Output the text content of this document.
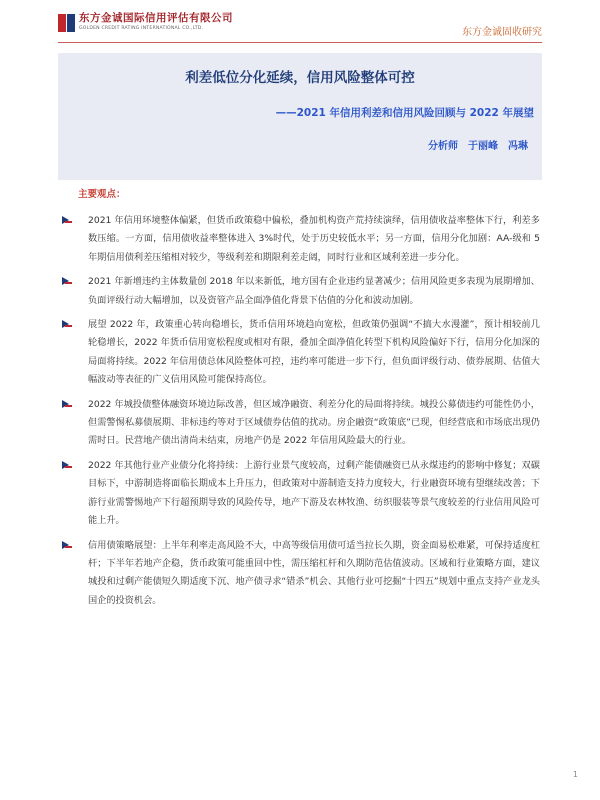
东方金诚国际信用评估有限公司
GOLDEN CREDIT RATING INTERNATIONAL CO.,LTD.	东方金诚固收研究
利差低位分化延续，信用风险整体可控
——2021 年信用利差和信用风险回顾与 2022 年展望
分析师　于丽峰　冯琳
主要观点：
2021 年信用环境整体偏紧，但货币政策稳中偏松，叠加机构资产荒持续演绎，信用债收益率整体下行，利差多数压缩。一方面，信用债收益率整体进入 3%时代，处于历史较低水平；另一方面，信用分化加剧：AA-级和 5 年期信用债利差压缩相对较少，等级利差和期限利差走阔，同时行业和区域利差进一步分化。
2021 年新增违约主体数量创 2018 年以来新低，地方国有企业违约显著减少；信用风险更多表现为展期增加、负面评级行动大幅增加，以及资管产品全面净值化背景下估值的分化和波动加剧。
展望 2022 年，政策重心转向稳增长，货币信用环境趋向宽松，但政策仍强调“不搞大水漫灌”，预计相较前几轮稳增长，2022 年货币信用宽松程度或相对有限，叠加全面净值化转型下机构风险偏好下行，信用分化加深的局面将持续。2022 年信用债总体风险整体可控，违约率可能进一步下行，但负面评级行动、债券展期、估值大幅波动等表征的广义信用风险可能保持高位。
2022 年城投债整体融资环境边际改善，但区域净融资、利差分化的局面将持续。城投公募债违约可能性仍小，但需警惕私募债展期、非标违约等对于区域债券估值的扰动。房企融资“政策底”已现，但经营底和市场底出现仍需时日。民营地产债出清尚未结束，房地产仍是 2022 年信用风险最大的行业。
2022 年其他行业产业债分化将持续：上游行业景气度较高，过剩产能债融资已从永煤违约的影响中修复；双碳目标下，中游制造将面临长期成本上升压力，但政策对中游制造支持力度较大，行业融资环境有望继续改善；下游行业需警惕地产下行超预期导致的风险传导，地产下游及农林牧渔、纺织服装等景气度较差的行业信用风险可能上升。
信用债策略展望：上半年利率走高风险不大，中高等级信用债可适当拉长久期，资金面易松难紧，可保持适度杠杆；下半年若地产企稳，货币政策可能重回中性，需压缩杠杆和久期防范估值波动。区域和行业策略方面，建议城投和过剩产能债短久期适度下沉、地产债寻求“错杀”机会、其他行业可挖掘“十四五”规划中重点支持产业龙头国企的投资机会。
1
